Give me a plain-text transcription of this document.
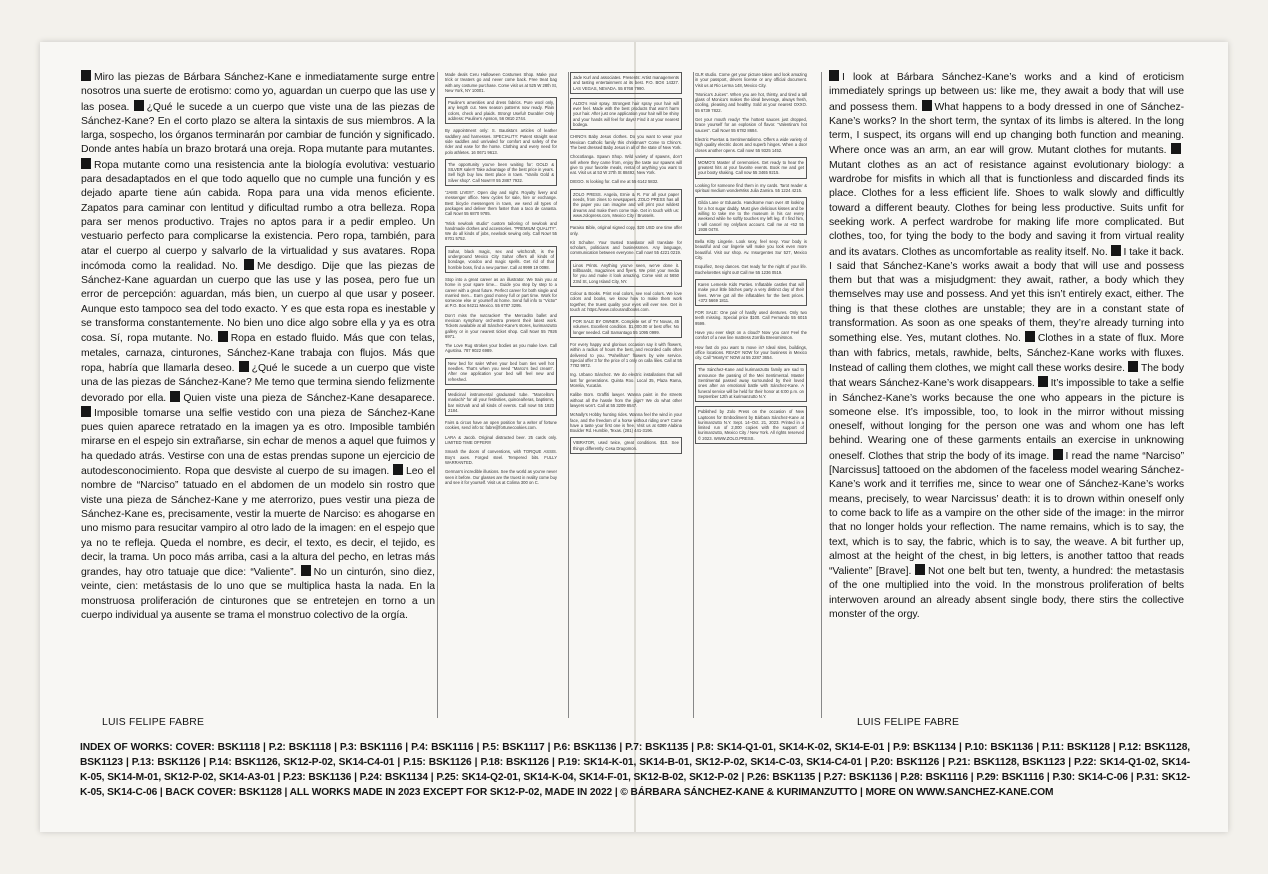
Miro las piezas de Bárbara Sánchez-Kane e inmediatamente surge entre nosotros una suerte de erotismo: como yo, aguardan un cuerpo que las use y las posea. ¿Qué le sucede a un cuerpo que viste una de las piezas de Sánchez-Kane? En el corto plazo se altera la sintaxis de sus miembros. A la larga, sospecho, los órganos terminarán por cambiar de función y significado. Donde antes había un brazo brotará una oreja. Ropa mutante para mutantes. Ropa mutante como una resistencia ante la biología evolutiva: vestuario para desadaptados en el que todo aquello que no cumple una función y es dejado aparte tiene aún cabida. Ropa para una vida menos eficiente. Zapatos para caminar con lentitud y dificultad rumbo a otra belleza. Ropa para ser menos productivo. Trajes no aptos para ir a pedir empleo. Un vestuario perfecto para complicarse la existencia. Pero ropa, también, para atar el cuerpo al cuerpo y salvarlo de la virtualidad y sus avatares. Ropa incómoda como la realidad. No. Me desdigo. Dije que las piezas de Sánchez-Kane aguardan un cuerpo que las use y las posea, pero fue un error de percepción: aguardan, más bien, un cuerpo al que usar y poseer. Aunque esto tampoco sea del todo exacto. Y es que esta ropa es inestable y se transforma constantemente. No bien uno dice algo sobre ella y ya es otra cosa. Sí, ropa mutante. No. Ropa en estado fluido. Más que con telas, metales, carnaza, cinturones, Sánchez-Kane trabaja con flujos. Más que ropa, habría que llamarla deseo. ¿Qué le sucede a un cuerpo que viste una de las piezas de Sánchez-Kane? Me temo que termina siendo felizmente devorado por ella. Quien viste una pieza de Sánchez-Kane desaparece. Imposible tomarse una selfie vestido con una pieza de Sánchez-Kane pues quien aparece retratado en la imagen ya es otro. Imposible también mirarse en el espejo sin extrañarse, sin echar de menos a aquel que fuimos y ha quedado atrás. Vestirse con una de estas prendas supone un ejercicio de autodesconocimiento. Ropa que desviste al cuerpo de su imagen. Leo el nombre de “Narciso” tatuado en el abdomen de un modelo sin rostro que viste una pieza de Sánchez-Kane y me aterrorizo, pues vestir una pieza de Sánchez-Kane es, precisamente, vestir la muerte de Narciso: es ahogarse en uno mismo para resucitar vampiro al otro lado de la imagen: en el espejo que ya no te refleja. Queda el nombre, es decir, el texto, es decir, el tejido, es decir, la trama. Un poco más arriba, casi a la altura del pecho, en letras más grandes, hay otro tatuaje que dice: “Valiente”. No un cinturón, sino diez, veinte, cien: metástasis de lo uno que se multiplica hasta la nada. En la monstruosa proliferación de cinturones que se entretejen en torno a un cuerpo individual ya ausente se trama el monstruo colectivo de la orgía.

LUIS FELIPE FABRE
Made deals Ceru Halloween Costumes Shop. Make your trick or treaters go and never come back. Free treat bag with any costume purchase. Come visit us at 525 W 28th St, New York, NY 10001.
Pauline’s amenities and dress fabrics. Pure wool only, any length cut. New season patterns now ready. Plain colors, check and plaids. Strong! Useful! Durable! Only address: Pauline’s Apsson, 56 0810 2744.
By appointment only: S. Bautista’s articles of leather saddlery and harnesses. SPECIALITY: Patent straight seat side saddles and unrivaled for comfort and safety of the rider and ease for the horse. Clothing and every need for polo athletes. 16 0671 9613.
The opportunity you’ve been waiting for: GOLD & SILVER sale!!! Take advantage of the best price in years. Sell high buy low. Best place in town. “Vanilo Gold & Silver shop”. Call Now!!!!! 55 2887 7932.
“JAMS LIVE!!!”. Open day and night. Royalty livery and messenger office. New cycles for sale, hire or exchange. Best bicycle messengers in town, we send all types of packages and deliver them faster than a taco de canasta. Call Now! 55 6870 9785.
“Mick newlook studio” custom tailoring of newlook and handmade clothes and accessories. “PREMIUM QUALITY”. We do all kinds of jobs, newlook sewing only. Call Now! 55 8701 5752.
Sahar, black magic, sex and witchcraft, is the underground Mexico City Sahar offers all kinds of bondage, voodoo and magic spells. Get rid of that horrible boss, find a new partner. Call at 9999 19 0098.
Stop into a great career as an illustrator. We train you at home in your spare time... Guide you step by step to a career with a great future. Perfect career for both single and married men... Earn good money full or part time. Work for someone else or yourself at home. Send full info to “Victor” at P.O. Box 94211 Mexico. 55 6787 3295.
Don’t miss the nutcracker! The Mercadito ballet and mexican symphony orchestra present their latest work. Tickets available at all Sánchez-Kane’s stores, kurimanzutto gallery or in your nearest ticket shop. Call Now! 55 7926 6971.
The Love Rug strokes your bodies as you make love. Call Agustina. 787 9022 6989.
New bed for sale! When your bed bum ties well hot needles. That’s when you need “Marco’s bed cream”. After one application your bed will feel new and refreshed.
Medicinal instrumental graduated tube. “Marcelito’s mariachi” for all your festivities, quinceañeras, baptisms, bar mitzvah and all kinds of events. Call now! 55 1923 2184.
Fairs & circus have an open position for a writer of fortune cookies, send info to: fabre@fortunecookies.com.
LARA & Jacob. Original distracted beer. 25 cards only. LIMITED TIME OFFER!!!
Smash the doors of conventions, with TORQUE ASSIS. Boy’s axes. Forged steel. Tempered bits. FULLY WARRANTED.
German’s incredible illusions. See the world as you’ve never seen it before. Our glasses are the truest in reality come buy and see it for yourself. Visit us at Colima 300 on C.
Jade Kurl and associates. Presents: Artist managements and tasting entertainment at its best. P.O. BOX 14327. LAS VEGAS, NEVADA. 55 8768 7990.
ALDO’s Hair spray. Strongest hair spray your hair will ever feel. Made with the best products that won’t harm your hair. After just one application your hair will be shiny and your hands will feel for days! Find it at your nearest bodega.
CHINO’s Baby Jesus clothes. Do you want to wear your Mexican Catholic family this christmas? Come to Chino’s. The best dressed Baby Jesus in all of the state of New York.
Chocotlanga. Spawn Shop. Wild variety of spawns, don’t sell where they came from, enjoy the taste our spawns will give to your favorite meals, rental of anything you want to eat. Visit us at 53 W 27th St 88492, New York.
DIEGO. Is looking for. Call me at 55 6142 5832.
ZOLO PRESS. Angela, Ernie & R. For all your paper needs, from zines to newspapers. ZOLO PRESS has all the paper you can imagine and will print your wildest dreams and make them come true. Get in touch with us: www.zolopress.com, Mexico City / Brussels.
Paraiso Bible, original signed copy. $20 USD one time offer only.
Kit Schulter. Your trusted translator will translate for scholars, politicians and businessmen. Any language, communication between everyone. Call now! 55 4221 0219.
Linos Prints. Anything you’ve seen, we’ve done it. Billboards, magazines and flyers. We print your media for you and make it look amazing. Come visit at 5650 23rd St, Long Island City, NY.
Colour & Books. Print real colors, see real colors. We love colors and books, we know how to make them work together, the truest quality your eyes will ever see. Get in touch at: https://www.colourandbooks.com.
FOR SALE BY OWNER. Complete set of TV Novas, 45 volumes. Excellent condition. $1,000.00 or best offer. No longer needed. Call Samantago 55 1095 0999.
For every happy and glorious occasion say it with flowers, within a radius of hours the best, and recorded calls often delivered to you. “Pahelihan” flowers by wire service. Special offer 3 for the price of 1 only on calla lilies. Call at 55 7782 9972.
Ing. Urbano Sánchez. We do electric installations that will last for generations. Quinta Roo. Local 35, Plaza Rama, Morelia, Yucatán.
Kalibe Born. Graffiti lawyer. Wanna paint in the streets without all the hassle from the pigs? We do what other lawyers won’t. Call at 55 3209 6547.
McNally’s Hobby hunting rides. Wanna feel the wind in your face, and the freedom of a horse without riding one? Come have a taste your first one is free. Visit us at 6369 Alabina Boulder Rd. Humble, Texas. (281) 441-3196.
VIBRATOR, used twice, great conditions. $10. See things differently. Cesa Dragomon.
GLR studio. Come get your picture taken and look amazing in your passport, drivers license or any official document. Visit us at Rio Lerma 148, Mexico City.
“Monica’s Juices”. When you are hot, thirsty, and tired a tall glass of Monica’s makes the ideal beverage, always fresh, cooling, pleasing and healthy. Sold at your nearest OXXO. 55 6739 7822.
Get your mouth ready! The hottest sauces just dropped, brace yourself for an explosion of flavor. “Valentina’s hot sauces”. Call Now! 55 6782 8684.
Electric Puertas & Sentimentalismo. Offers a wide variety of high quality electric doors and superb hinges. When a door closes another opens. Call now! 55 9325 1452.
MOMO’S Master of ceremonies. Get ready to hear the greatest hits at your favorite events. Book me and get your booty shaking. Call now 55 3465 9215.
Looking for someone find them in my cards. Tarot reader & spiritual medium wonderMiss Julia Zamira. 55 1224 4215.
Gilda Lane or Eduardo. Handsome man over 40 looking for a hot sugar daddy. Must give delicious kisses and be willing to take me to the museum in his car every weekend while he softly touches my left leg. If I find him, I will cancel my onlyfans account. Call me at +52 55 1938 0478.
Bella Kitty Lingerie. Look sexy, feel sexy. Your body is beautiful and our lingerie will make you look even more beautiful. Visit our shop. Av. Insurgentes Sur 527, Mexico City.
Exquifiez, Sexy dances. Get ready for the night of your life. Bachelorettes night out! Call me 55 1236 0519.
Karen Lemesle Kids Parties. Inflatable castles that will make your little bitches party a very distinct day of their lives. We’ve got all the inflatables for the best prices. +372 5669 1811.
FOR SALE: One pair of hardly used dentures. Only two teeth missing. Special price $100. Call Fernando 55 6015 9599.
Have you ever slept on a cloud? Now you can! Feel the comfort of a new line mattress Zorrilla Breeomirsnon.
How fast do you want to move in? Ideal sites, buildings, office locations. READY NOW for your business in Mexico city. Call “Monty’s” NOW at 55 2287 3654.
The Sánchez-Kane and kurimanzutto family are sad to announce the passing of the Mei Sentimental. Master Sentimental passed away surrounded by their loved ones after an emotional battle with Sánchez-Kane. A funeral service will be held for their honor at 6:00 p.m. on September 12th at kurimanzutto N.Y.
Published by Zolo Press on the occasion of New Laptoons for Embodiment by Bárbara Sánchez-Kane at kurimanzutto N.Y. Sept. 14–Oct. 21, 2023. Printed in a limited run of 2,000 copies with the support of kurimanzutto, Mexico City / New York. All rights reserved © 2023. WWW.ZOLO.PRESS.

I look at Bárbara Sánchez-Kane’s works and a kind of eroticism immediately springs up between us: like me, they await a body that will use and possess them. What happens to a body dressed in one of Sánchez-Kane’s works? In the short term, the syntax of its limbs is altered. In the long term, I suspect, its organs will end up changing both function and meaning. Where once was an arm, an ear will grow. Mutant clothes for mutants. Mutant clothes as an act of resistance against evolutionary biology: a wardrobe for misfits in which all that is functionless and discarded finds its place. Clothes for a less efficient life. Shoes to walk slowly and difficultly toward a different beauty. Clothes for being less productive. Suits unfit for seeking work. A perfect wardrobe for making life more complicated. But clothes, too, for tying the body to the body and saving it from virtual reality and its avatars. Clothes as uncomfortable as reality itself. No. I take it back. I said that Sánchez-Kane’s works await a body that will use and possess them but that was a misjudgment: they await, rather, a body which they themselves may use and possess. And yet this isn’t entirely exact, either. The thing is that these clothes are unstable; they are in a constant state of transformation. As soon as one speaks of them, they’re already turning into something else. Yes, mutant clothes. No. Clothes in a state of flux. More than with fabrics, metals, rawhide, belts, Sánchez-Kane works with fluxes. Instead of calling them clothes, we might call these works desire. The body that wears Sánchez-Kane’s work disappears. It’s impossible to take a selfie in Sánchez-Kane’s works because the one who appears in the picture is someone else. It’s impossible, too, to look in the mirror without missing oneself, without longing for the person one was and whom one has left behind. Wearing one of these garments entails an exercise in unknowing oneself. Clothes that strip the body of its image. I read the name “Narciso” [Narcissus] tattooed on the abdomen of the faceless model wearing Sánchez-Kane’s work and it terrifies me, since to wear one of Sánchez-Kane’s works means, precisely, to wear Narcissus’ death: it is to drown within oneself only to come back to life as a vampire on the other side of the image: in the mirror that no longer holds your reflection. The name remains, which is to say, the text, which is to say, the fabric, which is to say, the weave. A bit further up, almost at the height of the chest, in big letters, is another tattoo that reads “Valiente” [Brave]. Not one belt but ten, twenty, a hundred: the metastasis of the one multiplied into the void. In the monstrous proliferation of belts interwoven around an already absent single body, there stirs the collective monster of the orgy.

LUIS FELIPE FABRE
INDEX OF WORKS: COVER: BSK1118 | P.2: BSK1118 | P.3: BSK1116 | P.4: BSK1116 | P.5: BSK1117 | P.6: BSK1136 | P.7: BSK1135 | P.8: SK14-Q1-01, SK14-K-02, SK14-E-01 | P.9: BSK1134 | P.10: BSK1136 | P.11: BSK1128 | P.12: BSK1128, BSK1123 | P.13: BSK1126 | P.14: BSK1126, SK12-P-02, SK14-C4-01 | P.15: BSK1126 | P.18: BSK1126 | P.19: SK14-K-01, SK14-B-01, SK12-P-02, SK14-C-03, SK14-C4-01 | P.20: BSK1126 | P.21: BSK1128, BSK1123 | P.22: SK14-Q1-02, SK14-K-05, SK14-M-01, SK12-P-02, SK14-A3-01 | P.23: BSK1136 | P.24: BSK1134 | P.25: SK14-Q2-01, SK14-K-04, SK14-F-01, SK12-B-02, SK12-P-02 | P.26: BSK1135 | P.27: BSK1136 | P.28: BSK1116 | P.29: BSK1116 | P.30: SK14-C-06 | P.31: SK12-K-05, SK14-C-06 | BACK COVER: BSK1128 | ALL WORKS MADE IN 2023 EXCEPT FOR SK12-P-02, MADE IN 2022 | © BÁRBARA SÁNCHEZ-KANE & KURIMANZUTTO | MORE ON WWW.SANCHEZ-KANE.COM
